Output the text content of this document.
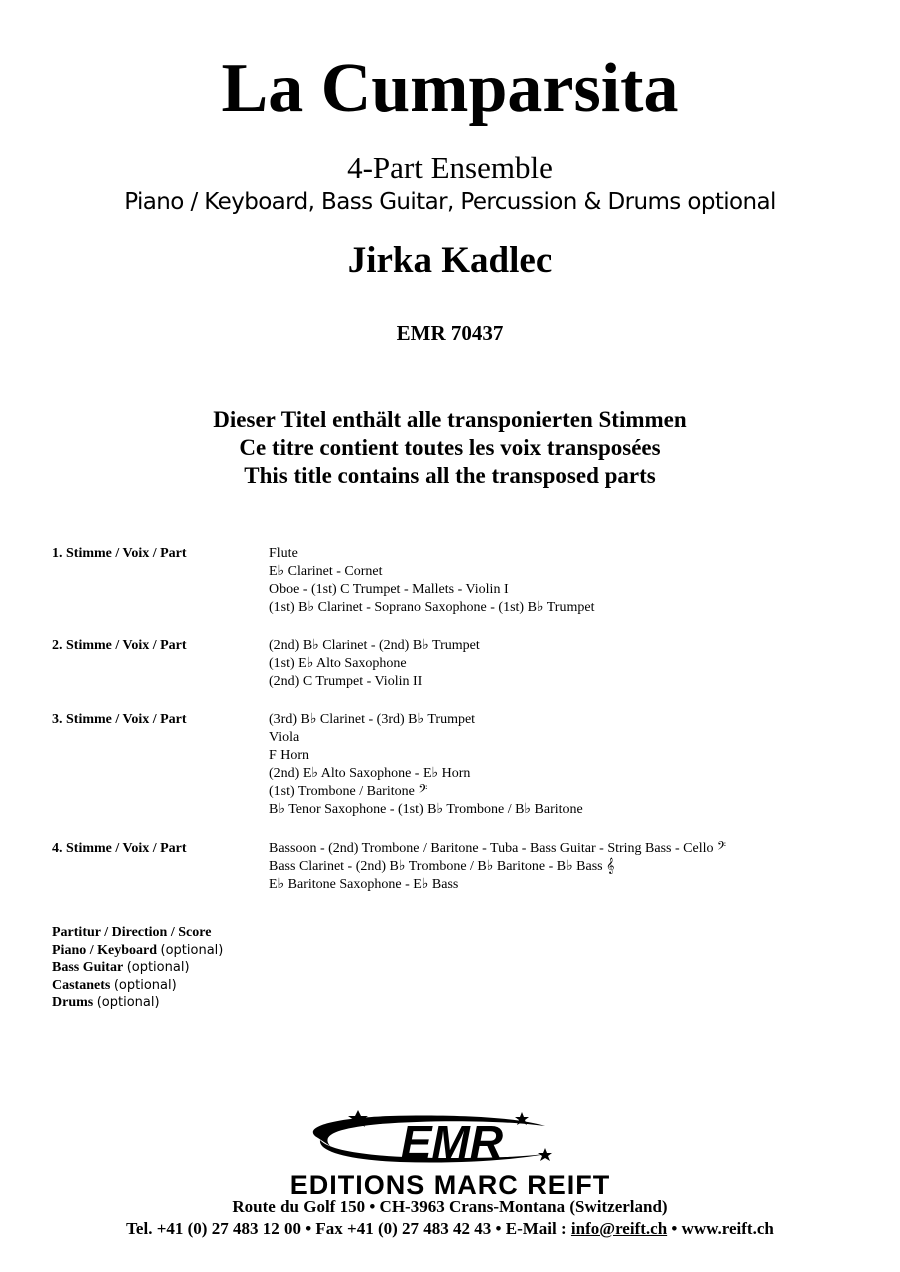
La Cumparsita
4-Part Ensemble
Piano / Keyboard, Bass Guitar, Percussion & Drums optional
Jirka Kadlec
EMR 70437
Dieser Titel enthält alle transponierten Stimmen
Ce titre contient toutes les voix transposées
This title contains all the transposed parts
1. Stimme / Voix / Part	Flute
E♭ Clarinet - Cornet
Oboe - (1st) C Trumpet - Mallets - Violin I
(1st) B♭ Clarinet - Soprano Saxophone - (1st) B♭ Trumpet
2. Stimme / Voix / Part	(2nd) B♭ Clarinet - (2nd) B♭ Trumpet
(1st) E♭ Alto Saxophone
(2nd) C Trumpet - Violin II
3. Stimme / Voix / Part	(3rd) B♭ Clarinet - (3rd) B♭ Trumpet
Viola
F Horn
(2nd) E♭ Alto Saxophone - E♭ Horn
(1st) Trombone / Baritone 𝄢
B♭ Tenor Saxophone - (1st) B♭ Trombone / B♭ Baritone
4. Stimme / Voix / Part	Bassoon - (2nd) Trombone / Baritone - Tuba - Bass Guitar - String Bass - Cello 𝄢
Bass Clarinet - (2nd) B♭ Trombone / B♭ Baritone - B♭ Bass 𝄞
E♭ Baritone Saxophone - E♭ Bass
Partitur / Direction / Score
Piano / Keyboard (optional)
Bass Guitar (optional)
Castanets (optional)
Drums (optional)
EMR
EDITIONS MARC REIFT
Route du Golf 150 • CH-3963 Crans-Montana (Switzerland)
Tel. +41 (0) 27 483 12 00 • Fax +41 (0) 27 483 42 43 • E-Mail : info@reift.ch • www.reift.ch
